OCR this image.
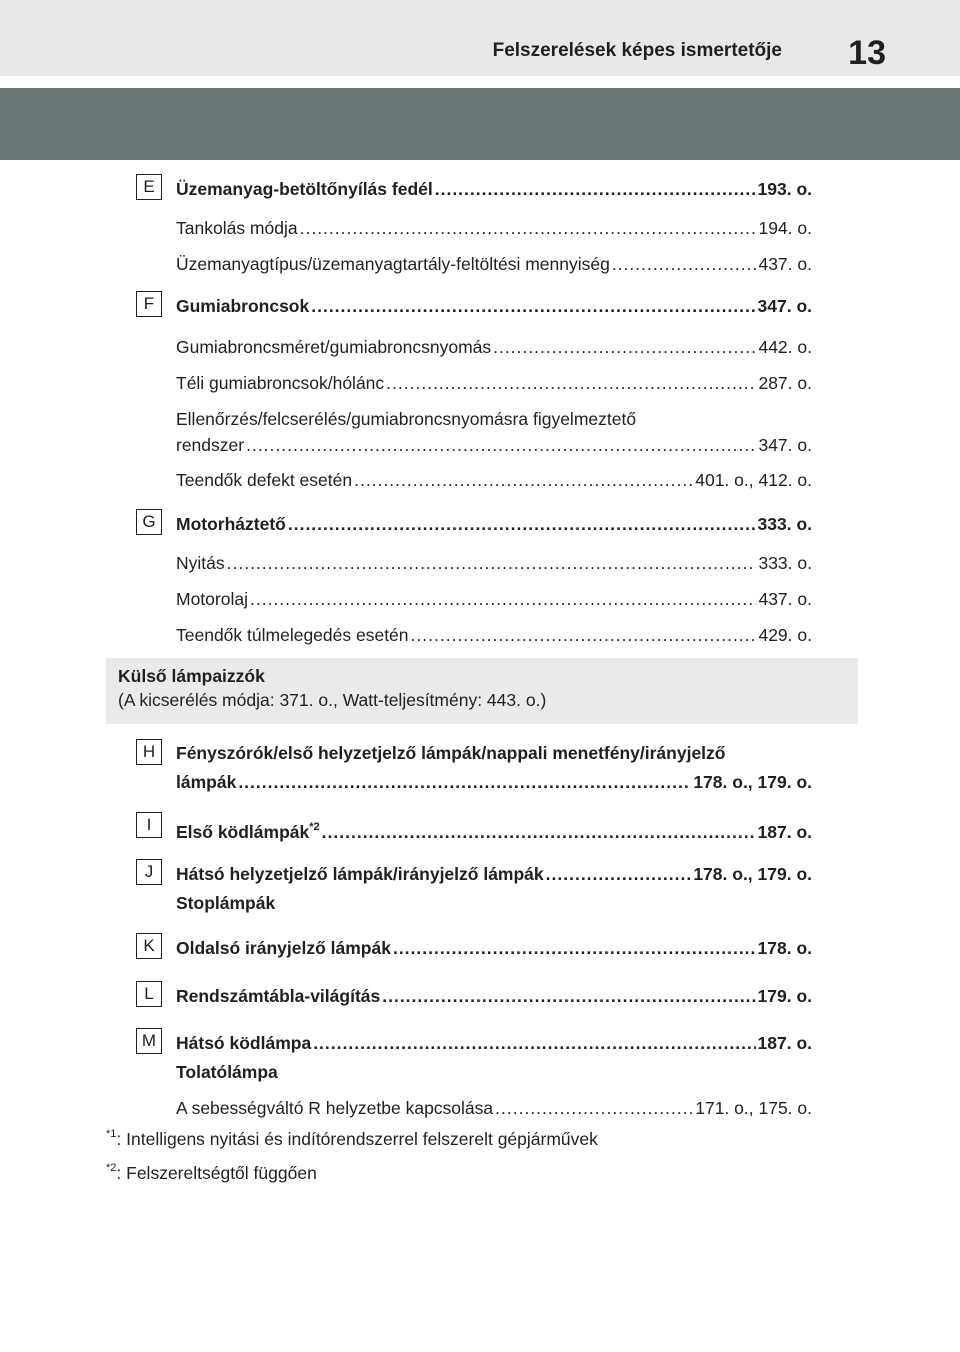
Felszerelések képes ismertetője 13
E	Üzemanyag-betöltőnyílás fedél .....	193. o.
Tankolás módja .....	194. o.
Üzemanyagtípus/üzemanyagtartály-feltöltési mennyiség .....	437. o.
F	Gumiabroncsok .....	347. o.
Gumiabroncsméret/gumiabroncsnyomás .....	442. o.
Téli gumiabroncsok/hólánc .....	287. o.
Ellenőrzés/felcserélés/gumiabroncsnyomásra figyelmeztető
rendszer .....	347. o.
Teendők defekt esetén .....	401. o., 412. o.
G	Motorháztető .....	333. o.
Nyitás .....	333. o.
Motorolaj .....	437. o.
Teendők túlmelegedés esetén .....	429. o.
Külső lámpaizzók
(A kicserélés módja: 371. o., Watt-teljesítmény: 443. o.)
H	Fényszórók/első helyzetjelző lámpák/nappali menetfény/irányjelző
lámpák .....	178. o., 179. o.
I	Első ködlámpák$^{*2}$ .....	187. o.
J	Hátsó helyzetjelző lámpák/irányjelző lámpák .....	178. o., 179. o.
Stoplámpák
K	Oldalsó irányjelző lámpák .....	178. o.
L	Rendszámtábla-világítás .....	179. o.
M	Hátsó ködlámpa .....	187. o.
Tolatólámpa
A sebességváltó R helyzetbe kapcsolása .....	171. o., 175. o.
$^{*1}$: Intelligens nyitási és indítórendszerrel felszerelt gépjárművek
$^{*2}$: Felszereltségtől függően
